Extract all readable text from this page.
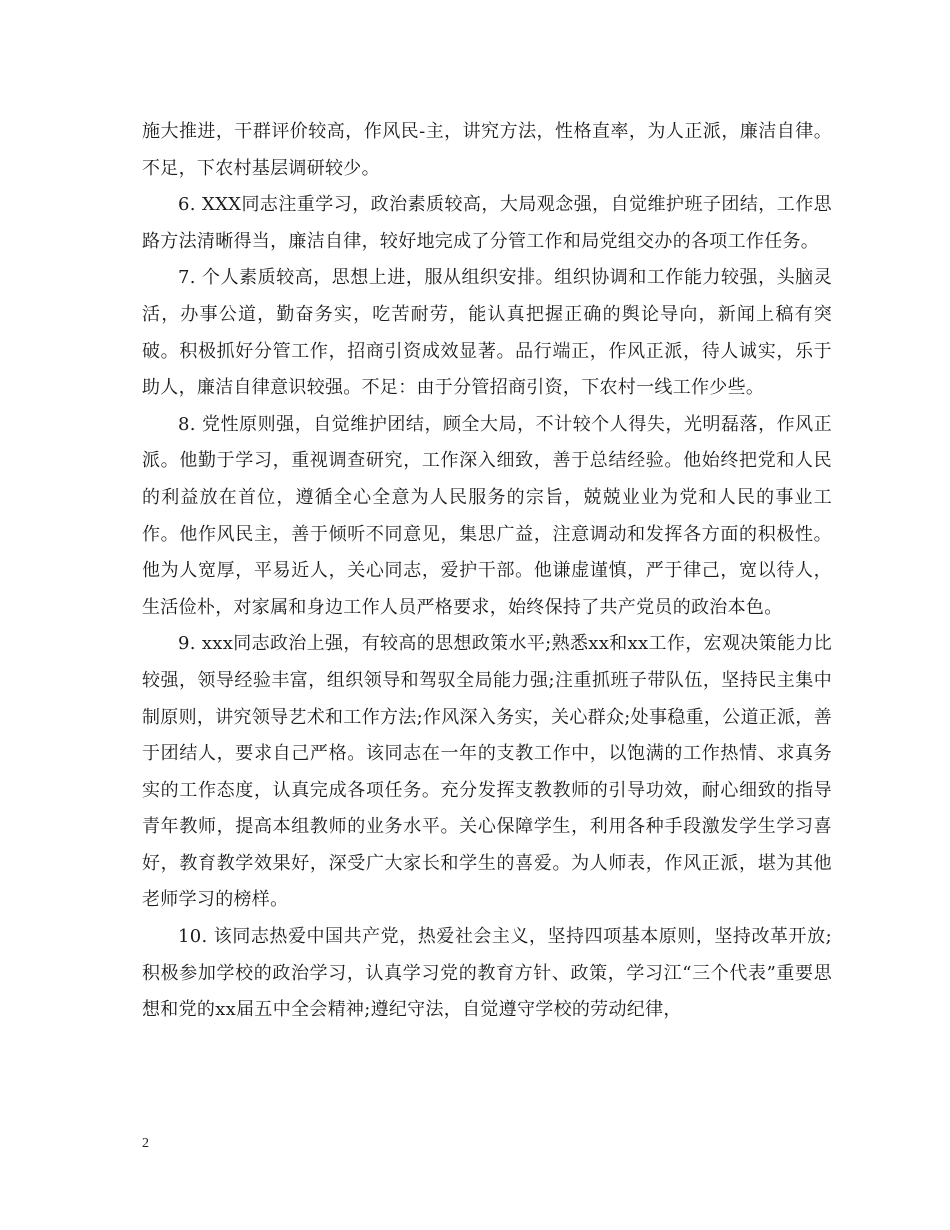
施大推进，干群评价较高，作风民-主，讲究方法，性格直率，为人正派，廉洁自律。不足，下农村基层调研较少。

6. XXX同志注重学习，政治素质较高，大局观念强，自觉维护班子团结，工作思路方法清晰得当，廉洁自律，较好地完成了分管工作和局党组交办的各项工作任务。

7. 个人素质较高，思想上进，服从组织安排。组织协调和工作能力较强，头脑灵活，办事公道，勤奋务实，吃苦耐劳，能认真把握正确的舆论导向，新闻上稿有突破。积极抓好分管工作，招商引资成效显著。品行端正，作风正派，待人诚实，乐于助人，廉洁自律意识较强。不足：由于分管招商引资，下农村一线工作少些。

8. 党性原则强，自觉维护团结，顾全大局，不计较个人得失，光明磊落，作风正派。他勤于学习，重视调查研究，工作深入细致，善于总结经验。他始终把党和人民的利益放在首位，遵循全心全意为人民服务的宗旨，兢兢业业为党和人民的事业工作。他作风民主，善于倾听不同意见，集思广益，注意调动和发挥各方面的积极性。他为人宽厚，平易近人，关心同志，爱护干部。他谦虚谨慎，严于律己，宽以待人，生活俭朴，对家属和身边工作人员严格要求，始终保持了共产党员的政治本色。

9. xxx同志政治上强，有较高的思想政策水平;熟悉xx和xx工作，宏观决策能力比较强，领导经验丰富，组织领导和驾驭全局能力强;注重抓班子带队伍，坚持民主集中制原则，讲究领导艺术和工作方法;作风深入务实，关心群众;处事稳重，公道正派，善于团结人，要求自己严格。该同志在一年的支教工作中，以饱满的工作热情、求真务实的工作态度，认真完成各项任务。充分发挥支教教师的引导功效，耐心细致的指导青年教师，提高本组教师的业务水平。关心保障学生，利用各种手段激发学生学习喜好，教育教学效果好，深受广大家长和学生的喜爱。为人师表，作风正派，堪为其他老师学习的榜样。

10. 该同志热爱中国共产党，热爱社会主义，坚持四项基本原则，坚持改革开放;积极参加学校的政治学习，认真学习党的教育方针、政策，学习江“三个代表”重要思想和党的xx届五中全会精神;遵纪守法，自觉遵守学校的劳动纪律，

2
